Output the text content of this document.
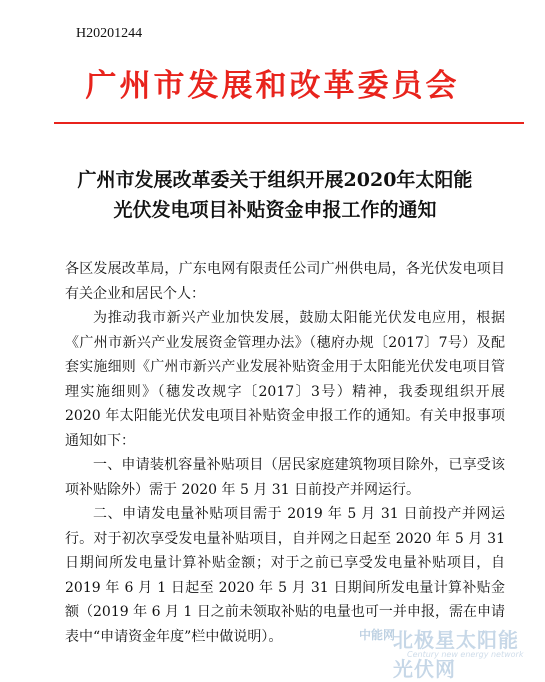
H20201244
广州市发展和改革委员会
广州市发展改革委关于组织开展2020年太阳能
光伏发电项目补贴资金申报工作的通知

各区发展改革局，广东电网有限责任公司广州供电局，各光伏发电项目有关企业和居民个人：

为推动我市新兴产业加快发展，鼓励太阳能光伏发电应用，根据《广州市新兴产业发展资金管理办法》（穗府办规〔2017〕7号）及配套实施细则《广州市新兴产业发展补贴资金用于太阳能光伏发电项目管理实施细则》（穗发改规字〔2017〕3号）精神，我委现组织开展 2020 年太阳能光伏发电项目补贴资金申报工作的通知。有关申报事项通知如下：

一、申请装机容量补贴项目（居民家庭建筑物项目除外，已享受该项补贴除外）需于 2020 年 5 月 31 日前投产并网运行。

二、申请发电量补贴项目需于 2019 年 5 月 31 日前投产并网运行。对于初次享受发电量补贴项目，自并网之日起至 2020 年 5 月 31 日期间所发电量计算补贴金额；对于之前已享受发电量补贴项目，自 2019 年 6 月 1 日起至 2020 年 5 月 31 日期间所发电量计算补贴金额（2019 年 6 月 1 日之前未领取补贴的电量也可一并申报，需在申请表中“申请资金年度”栏中做说明）。	中能网
北极星太阳能光伏网
Century new energy network
